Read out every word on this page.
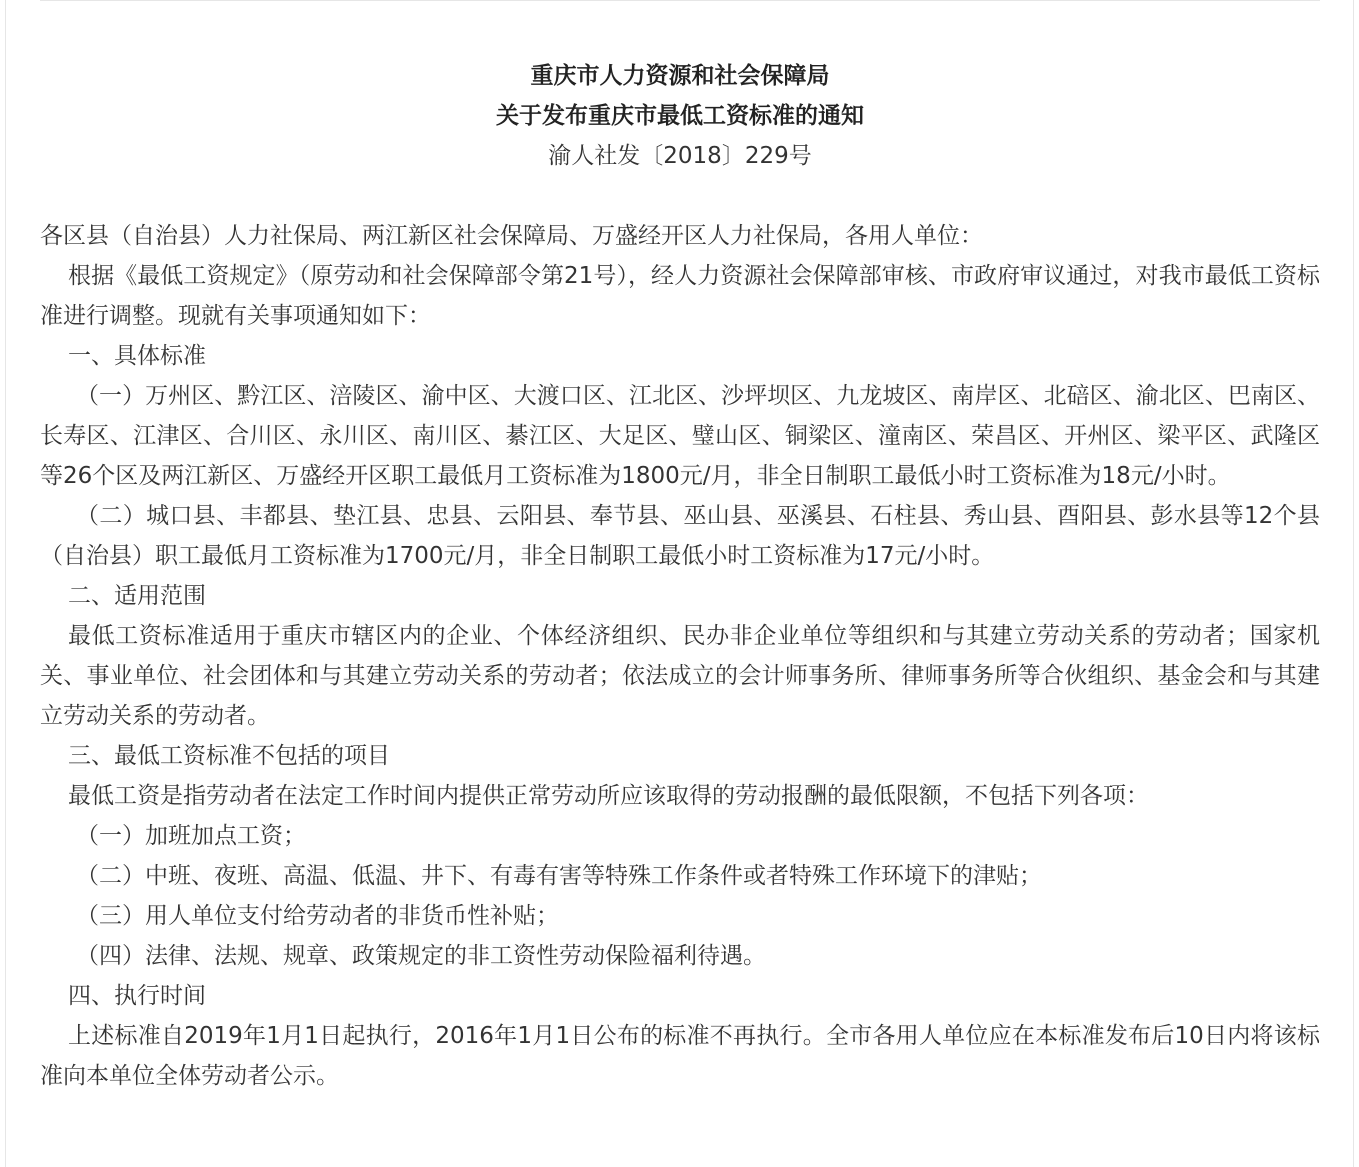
重庆市人力资源和社会保障局

关于发布重庆市最低工资标准的通知

渝人社发〔2018〕229号

各区县（自治县）人力社保局、两江新区社会保障局、万盛经开区人力社保局，各用人单位：

根据《最低工资规定》（原劳动和社会保障部令第21号），经人力资源社会保障部审核、市政府审议通过，对我市最低工资标准进行调整。现就有关事项通知如下：

一、具体标准

（一）万州区、黔江区、涪陵区、渝中区、大渡口区、江北区、沙坪坝区、九龙坡区、南岸区、北碚区、渝北区、巴南区、长寿区、江津区、合川区、永川区、南川区、綦江区、大足区、璧山区、铜梁区、潼南区、荣昌区、开州区、梁平区、武隆区等26个区及两江新区、万盛经开区职工最低月工资标准为1800元/月，非全日制职工最低小时工资标准为18元/小时。

（二）城口县、丰都县、垫江县、忠县、云阳县、奉节县、巫山县、巫溪县、石柱县、秀山县、酉阳县、彭水县等12个县（自治县）职工最低月工资标准为1700元/月，非全日制职工最低小时工资标准为17元/小时。

二、适用范围

最低工资标准适用于重庆市辖区内的企业、个体经济组织、民办非企业单位等组织和与其建立劳动关系的劳动者；国家机关、事业单位、社会团体和与其建立劳动关系的劳动者；依法成立的会计师事务所、律师事务所等合伙组织、基金会和与其建立劳动关系的劳动者。

三、最低工资标准不包括的项目

最低工资是指劳动者在法定工作时间内提供正常劳动所应该取得的劳动报酬的最低限额，不包括下列各项：

（一）加班加点工资；

（二）中班、夜班、高温、低温、井下、有毒有害等特殊工作条件或者特殊工作环境下的津贴；

（三）用人单位支付给劳动者的非货币性补贴；

（四）法律、法规、规章、政策规定的非工资性劳动保险福利待遇。

四、执行时间

上述标准自2019年1月1日起执行，2016年1月1日公布的标准不再执行。全市各用人单位应在本标准发布后10日内将该标准向本单位全体劳动者公示。
